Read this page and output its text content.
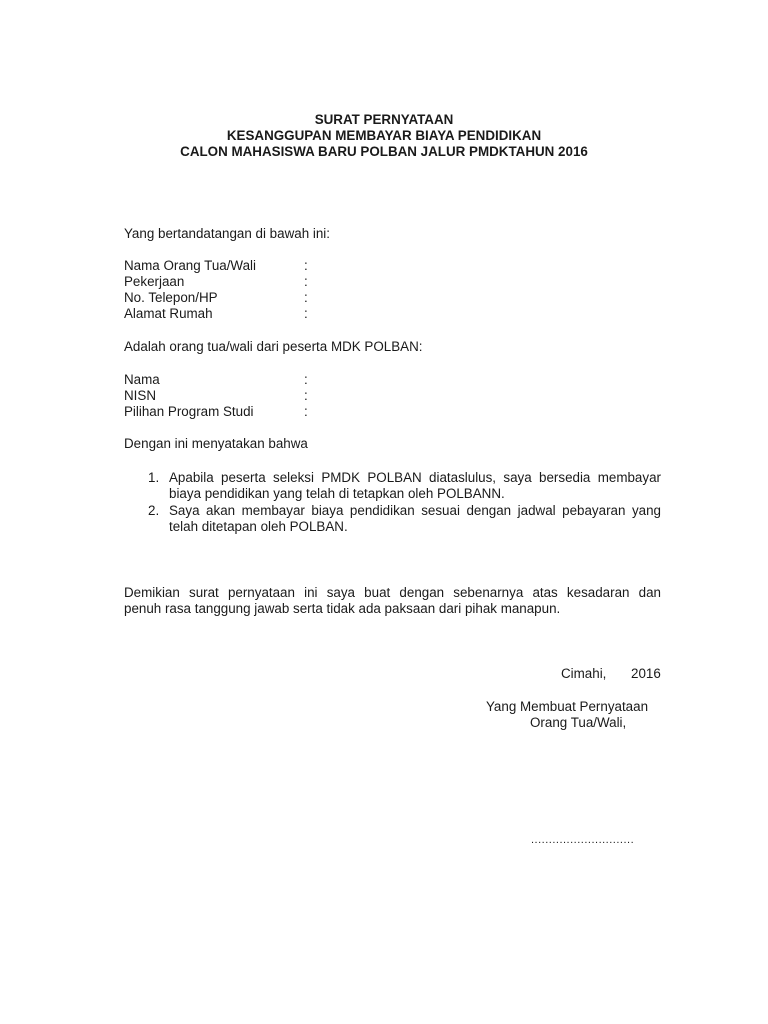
SURAT PERNYATAAN
KESANGGUPAN MEMBAYAR BIAYA PENDIDIKAN
CALON MAHASISWA BARU POLBAN JALUR PMDKTAHUN 2016
Yang bertandatangan di bawah ini:
Nama Orang Tua/Wali	:
Pekerjaan	:
No. Telepon/HP	:
Alamat Rumah	:
Adalah orang tua/wali dari peserta MDK POLBAN:
Nama	:
NISN	:
Pilihan Program Studi	:
Dengan ini menyatakan bahwa
1. Apabila peserta seleksi PMDK POLBAN diataslulus, saya bersedia membayar biaya pendidikan yang telah di tetapkan oleh POLBANN.
2. Saya akan membayar biaya pendidikan sesuai dengan jadwal pebayaran yang telah ditetapan oleh POLBAN.
Demikian surat pernyataan ini saya buat dengan sebenarnya atas kesadaran dan
penuh rasa tanggung jawab serta tidak ada paksaan dari pihak manapun.
Cimahi, 2016
Yang Membuat Pernyataan
Orang Tua/Wali,
.............................
